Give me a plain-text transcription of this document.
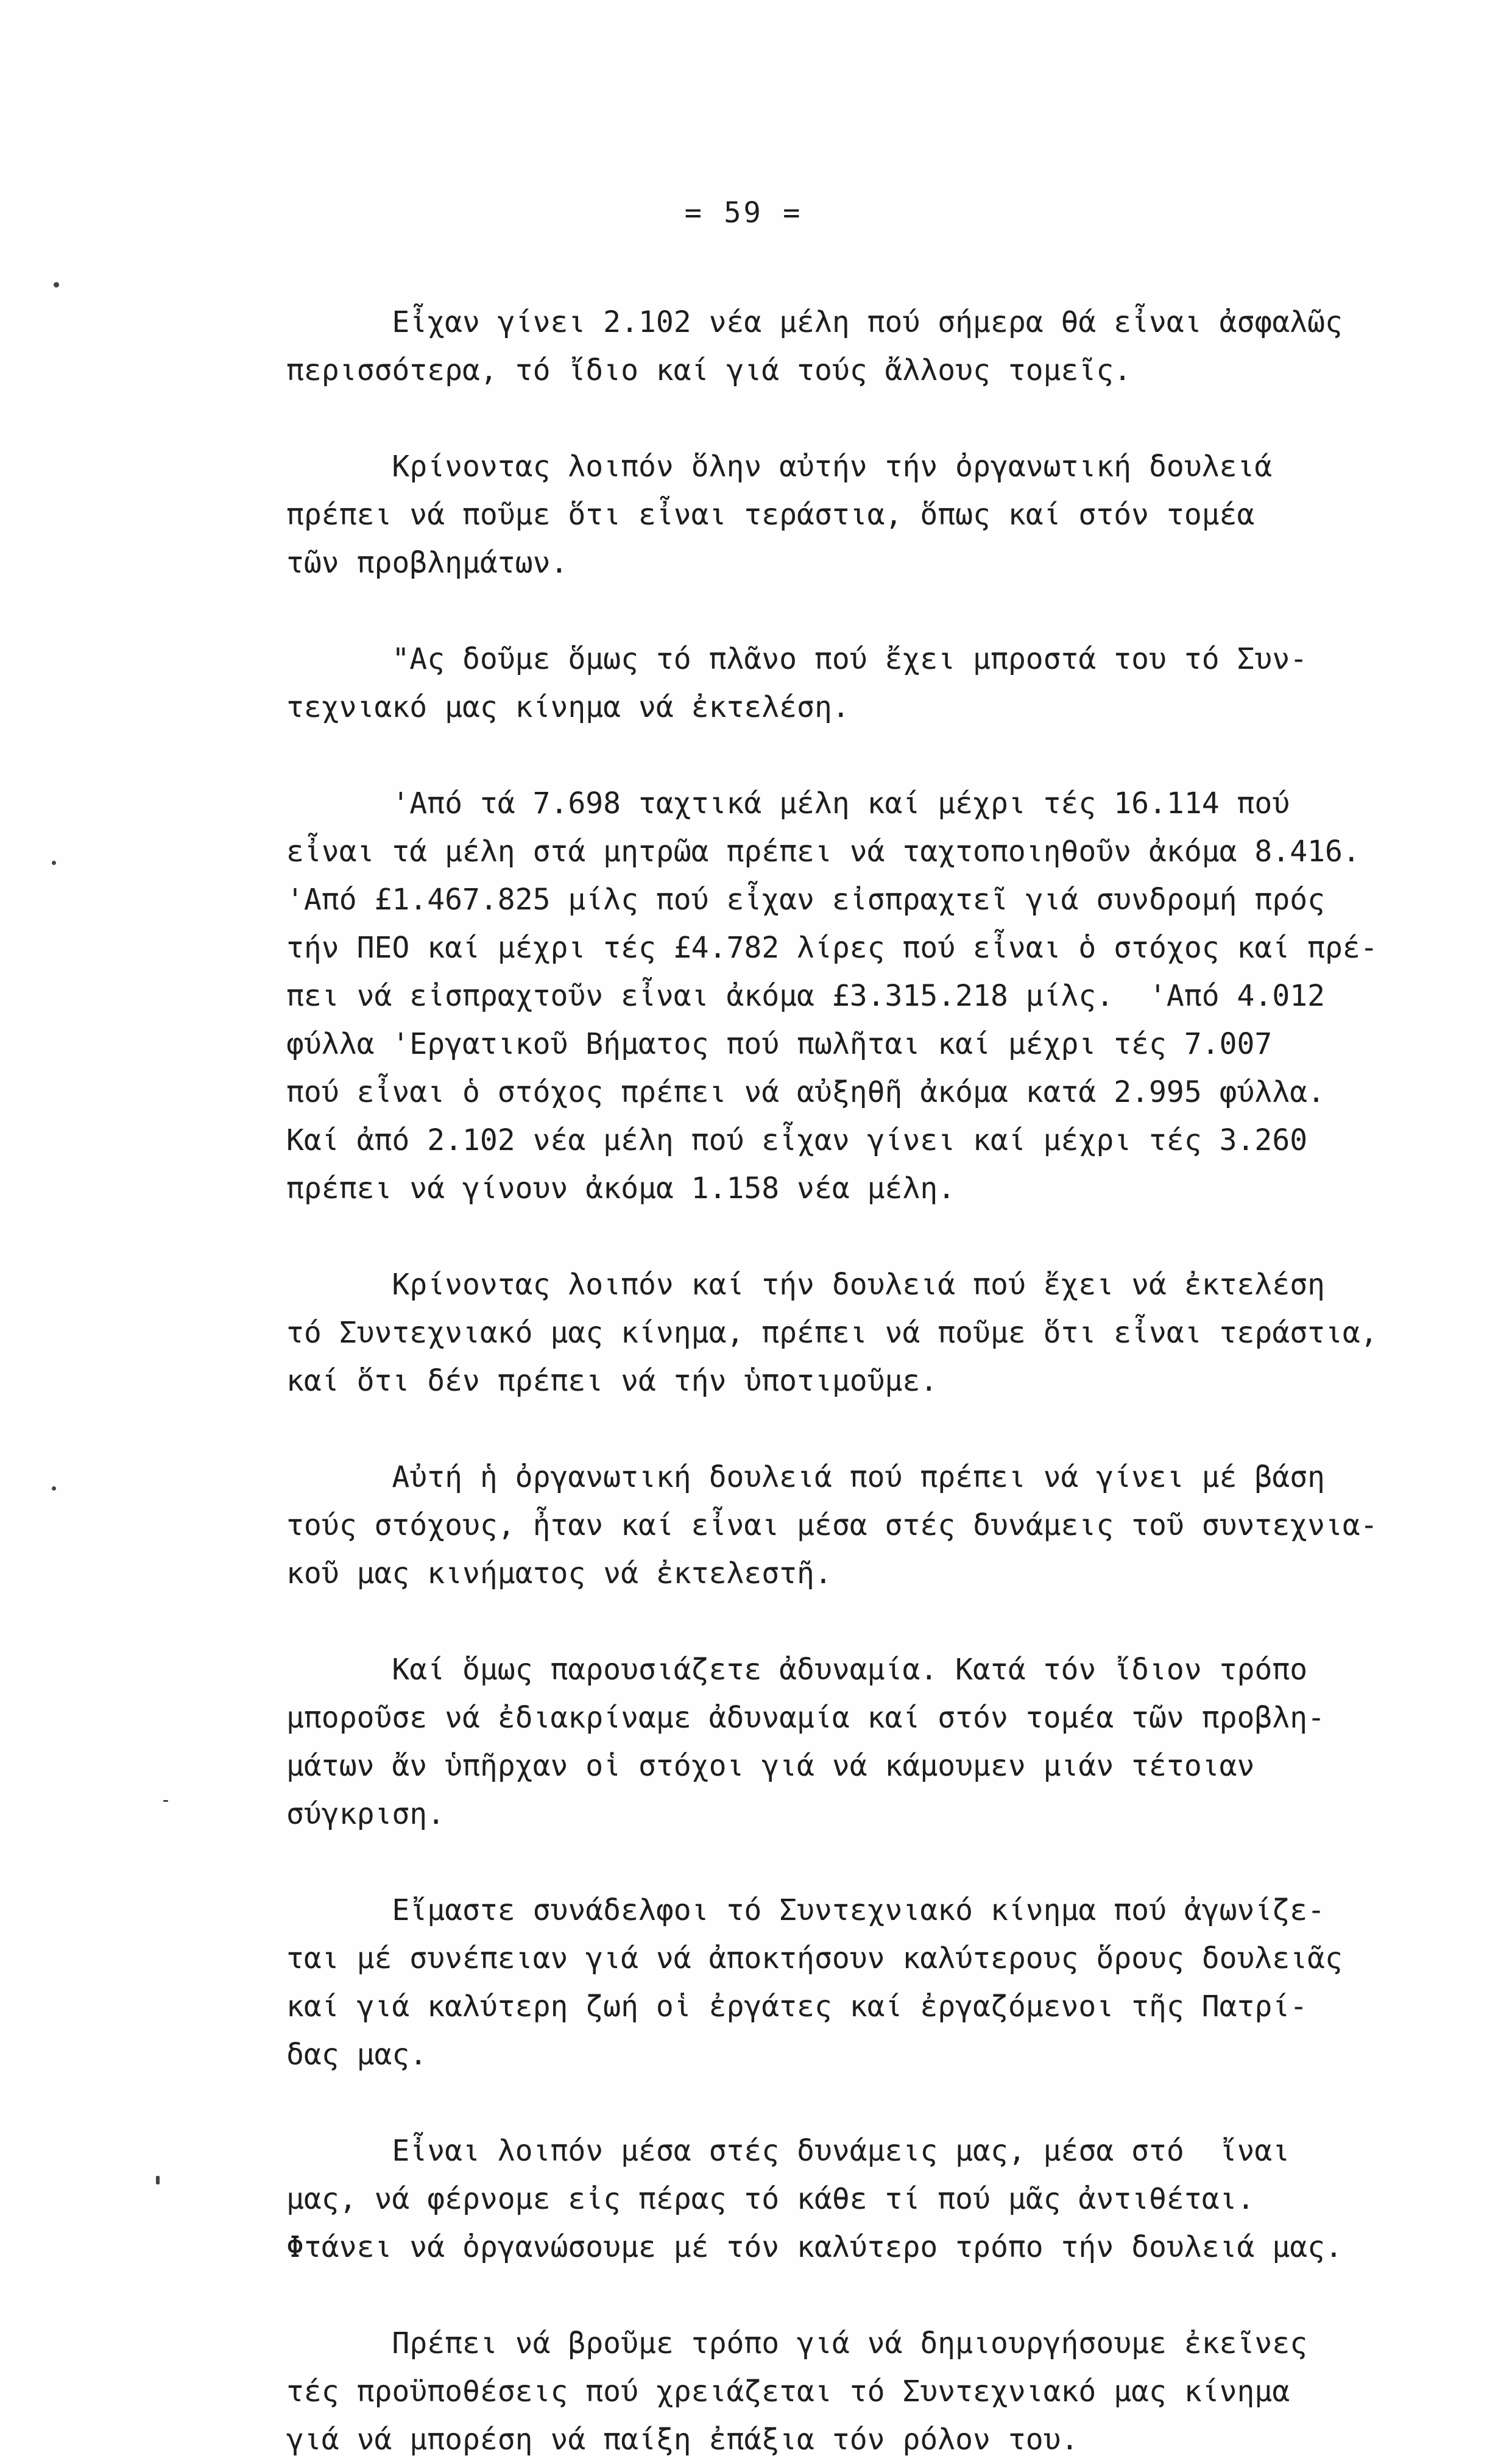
= 59 =

Εἶχαν γίνει 2.102 νέα μέλη πού σήμερα θά εἶναι ἀσφαλῶς
περισσότερα, τό ἴδιο καί γιά τούς ἄλλους τομεῖς.

Κρίνοντας λοιπόν ὅλην αὐτήν τήν ὀργανωτική δουλειά
πρέπει νά ποῦμε ὅτι εἶναι τεράστια, ὅπως καί στόν τομέα
τῶν προβλημάτων.

"Ας δοῦμε ὅμως τό πλᾶνο πού ἔχει μπροστά του τό Συν-
τεχνιακό μας κίνημα νά ἐκτελέση.

'Από τά 7.698 ταχτικά μέλη καί μέχρι τές 16.114 πού
εἶναι τά μέλη στά μητρῶα πρέπει νά ταχτοποιηθοῦν ἀκόμα 8.416.
'Από £1.467.825 μίλς πού εἶχαν εἰσπραχτεῖ γιά συνδρομή πρός
τήν ΠΕΟ καί μέχρι τές £4.782 λίρες πού εἶναι ὁ στόχος καί πρέ-
πει νά εἰσπραχτοῦν εἶναι ἀκόμα £3.315.218 μίλς.  'Από 4.012
φύλλα 'Εργατικοῦ Βήματος πού πωλῆται καί μέχρι τές 7.007
πού εἶναι ὁ στόχος πρέπει νά αὐξηθῆ ἀκόμα κατά 2.995 φύλλα.
Καί ἀπό 2.102 νέα μέλη πού εἶχαν γίνει καί μέχρι τές 3.260
πρέπει νά γίνουν ἀκόμα 1.158 νέα μέλη.

Κρίνοντας λοιπόν καί τήν δουλειά πού ἔχει νά ἐκτελέση
τό Συντεχνιακό μας κίνημα, πρέπει νά ποῦμε ὅτι εἶναι τεράστια,
καί ὅτι δέν πρέπει νά τήν ὑποτιμοῦμε.

Αὐτή ἡ ὀργανωτική δουλειά πού πρέπει νά γίνει μέ βάση
τούς στόχους, ἦταν καί εἶναι μέσα στές δυνάμεις τοῦ συντεχνια-
κοῦ μας κινήματος νά ἐκτελεστῆ.

Καί ὅμως παρουσιάζετε ἀδυναμία. Κατά τόν ἴδιον τρόπο
μποροῦσε νά ἐδιακρίναμε ἀδυναμία καί στόν τομέα τῶν προβλη-
μάτων ἄν ὑπῆρχαν οἱ στόχοι γιά νά κάμουμεν μιάν τέτοιαν
σύγκριση.

Εἴμαστε συνάδελφοι τό Συντεχνιακό κίνημα πού ἀγωνίζε-
ται μέ συνέπειαν γιά νά ἀποκτήσουν καλύτερους ὅρους δουλειᾶς
καί γιά καλύτερη ζωή οἱ ἐργάτες καί ἐργαζόμενοι τῆς Πατρί-
δας μας.

Εἶναι λοιπόν μέσα στές δυνάμεις μας, μέσα στό  ἴναι
μας, νά φέρνομε εἰς πέρας τό κάθε τί πού μᾶς ἀντιθέται.
Φτάνει νά ὀργανώσουμε μέ τόν καλύτερο τρόπο τήν δουλειά μας.

Πρέπει νά βροῦμε τρόπο γιά νά δημιουργήσουμε ἐκεῖνες
τές προϋποθέσεις πού χρειάζεται τό Συντεχνιακό μας κίνημα
γιά νά μπορέση νά παίξη ἐπάξια τόν ρόλον του.
